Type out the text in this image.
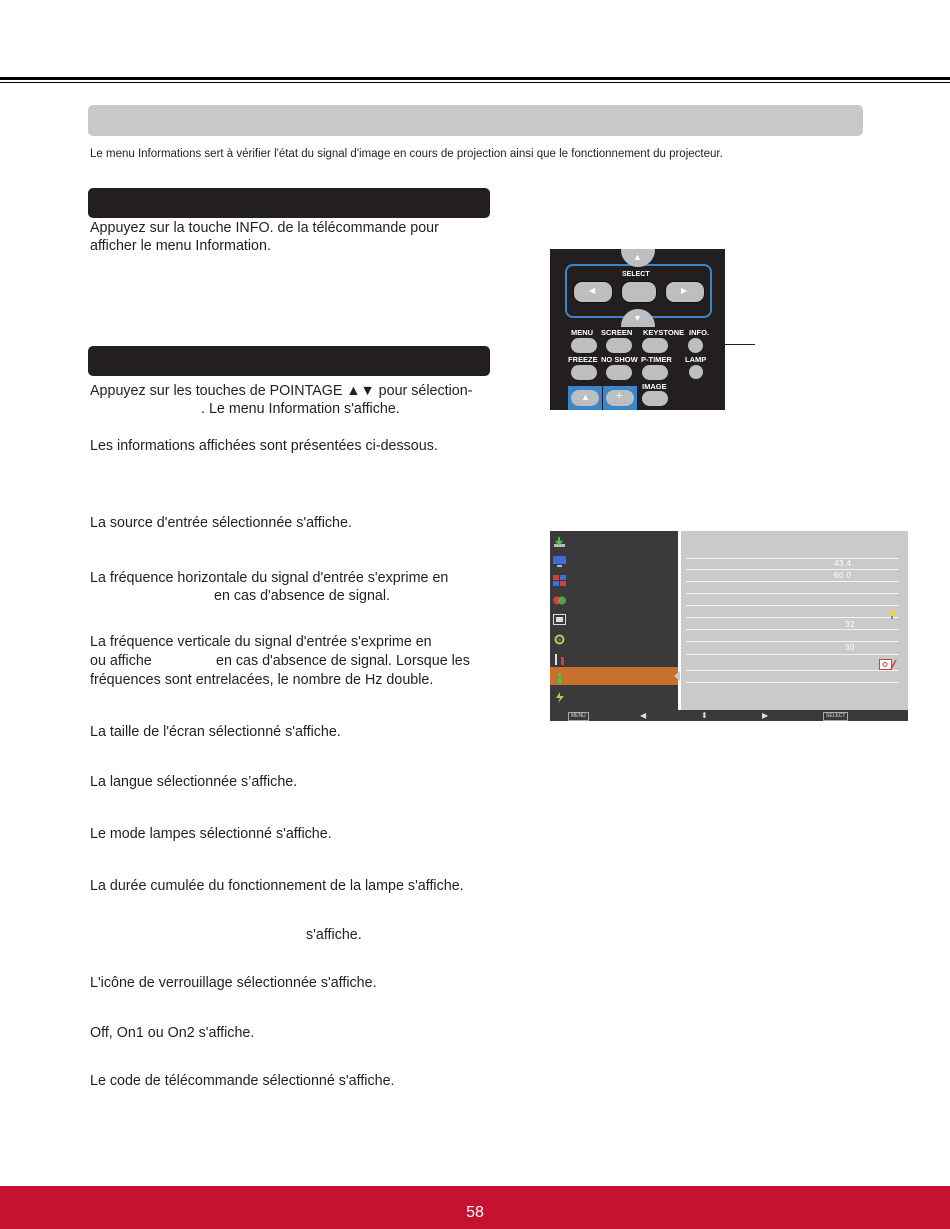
Le menu Informations sert à vérifier l'état du signal d'image en cours de projection ainsi que le fonctionnement du projecteur.
Appuyez sur la touche INFO. de la télécommande pour
afficher le menu Information.
Appuyez sur les touches de POINTAGE ▲▼ pour sélection-
. Le menu Information s'affiche.
Les informations affichées sont présentées ci-dessous.
La source d'entrée sélectionnée s'affiche.
La fréquence horizontale du signal d'entrée s'exprime en
en cas d'absence de signal.
La fréquence verticale du signal d'entrée s'exprime en
ou affiche	en cas d'absence de signal. Lorsque les
fréquences sont entrelacées, le nombre de Hz double.
La taille de l'écran sélectionné s'affiche.
La langue sélectionnée s’affiche.
Le mode lampes sélectionné s'affiche.
La durée cumulée du fonctionnement de la lampe s'affiche.
s'affiche.
L'icône de verrouillage sélectionnée s'affiche.
Off, On1 ou On2 s'affiche.
Le code de télécommande sélectionné s'affiche.
▲
SELECT
◀	▶
▼
MENU SCREEN KEYSTONE INFO.
FREEZE NO SHOW P-TIMER LAMP
▲ +
IMAGE
43.4
60.0
32
30
MENU	◀	⬍	▶	SELECT
58
